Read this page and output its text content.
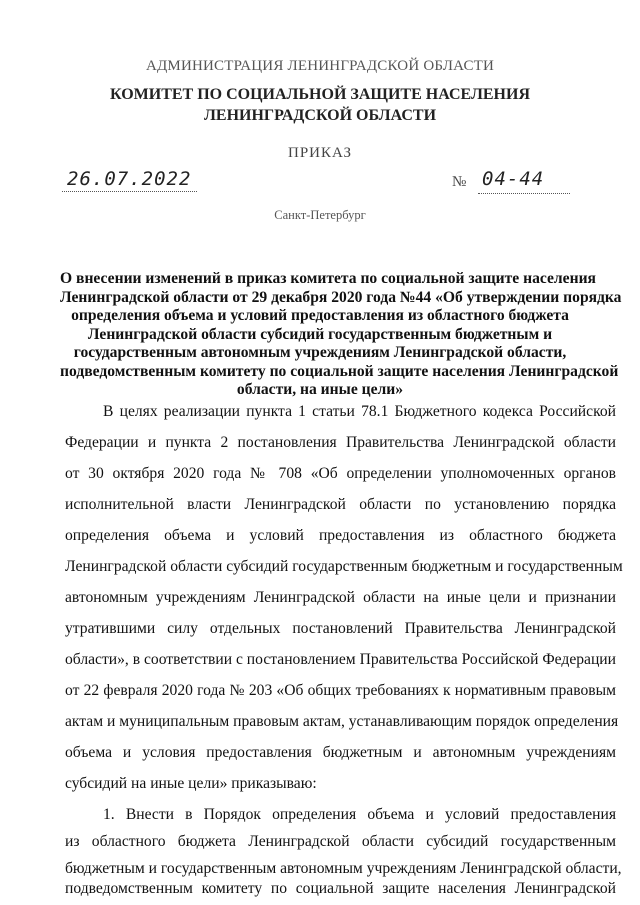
АДМИНИСТРАЦИЯ ЛЕНИНГРАДСКОЙ ОБЛАСТИ
КОМИТЕТ ПО СОЦИАЛЬНОЙ ЗАЩИТЕ НАСЕЛЕНИЯ
ЛЕНИНГРАДСКОЙ ОБЛАСТИ
ПРИКАЗ
26.07.2022	№ 04-44
Санкт-Петербург
О внесении изменений в приказ комитета по социальной защите населения
Ленинградской области от 29 декабря 2020 года №44 «Об утверждении порядка
определения объема и условий предоставления из областного бюджета
Ленинградской области субсидий государственным бюджетным и
государственным автономным учреждениям Ленинградской области,
подведомственным комитету по социальной защите населения Ленинградской
области, на иные цели»
В целях реализации пункта 1 статьи 78.1 Бюджетного кодекса Российской
Федерации и пункта 2 постановления Правительства Ленинградской области
от 30 октября 2020 года № 708 «Об определении уполномоченных органов
исполнительной власти Ленинградской области по установлению порядка
определения объема и условий предоставления из областного бюджета
Ленинградской области субсидий государственным бюджетным и государственным
автономным учреждениям Ленинградской области на иные цели и признании
утратившими силу отдельных постановлений Правительства Ленинградской
области», в соответствии с постановлением Правительства Российской Федерации
от 22 февраля 2020 года № 203 «Об общих требованиях к нормативным правовым
актам и муниципальным правовым актам, устанавливающим порядок определения
объема и условия предоставления бюджетным и автономным учреждениям
субсидий на иные цели» приказываю:
1. Внести в Порядок определения объема и условий предоставления
из областного бюджета Ленинградской области субсидий государственным
бюджетным и государственным автономным учреждениям Ленинградской области,
подведомственным комитету по социальной защите населения Ленинградской
